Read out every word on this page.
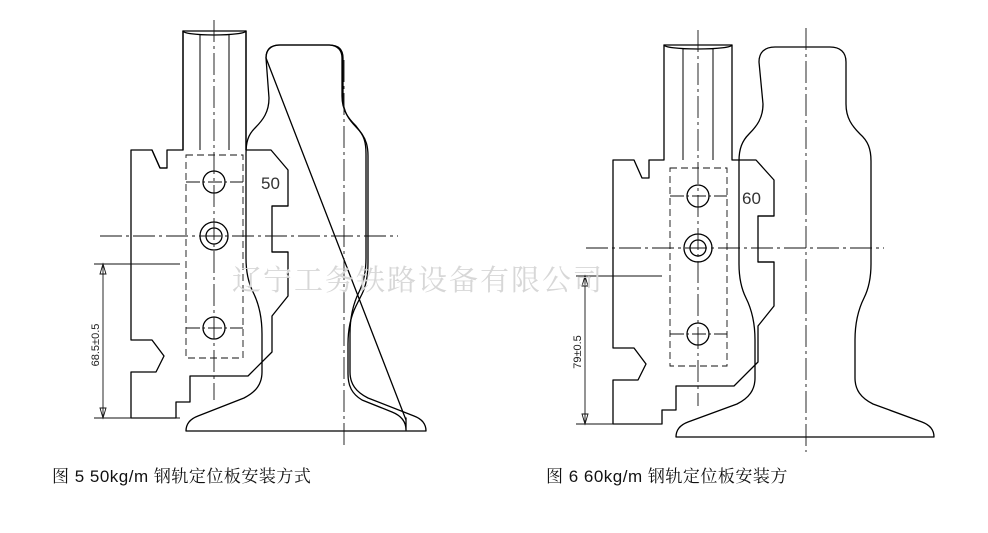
68.5±0.5
50
79±0.5
60
辽宁工务铁路设备有限公司
图 5 50kg/m 钢轨定位板安装方式	图 6 60kg/m 钢轨定位板安装方
